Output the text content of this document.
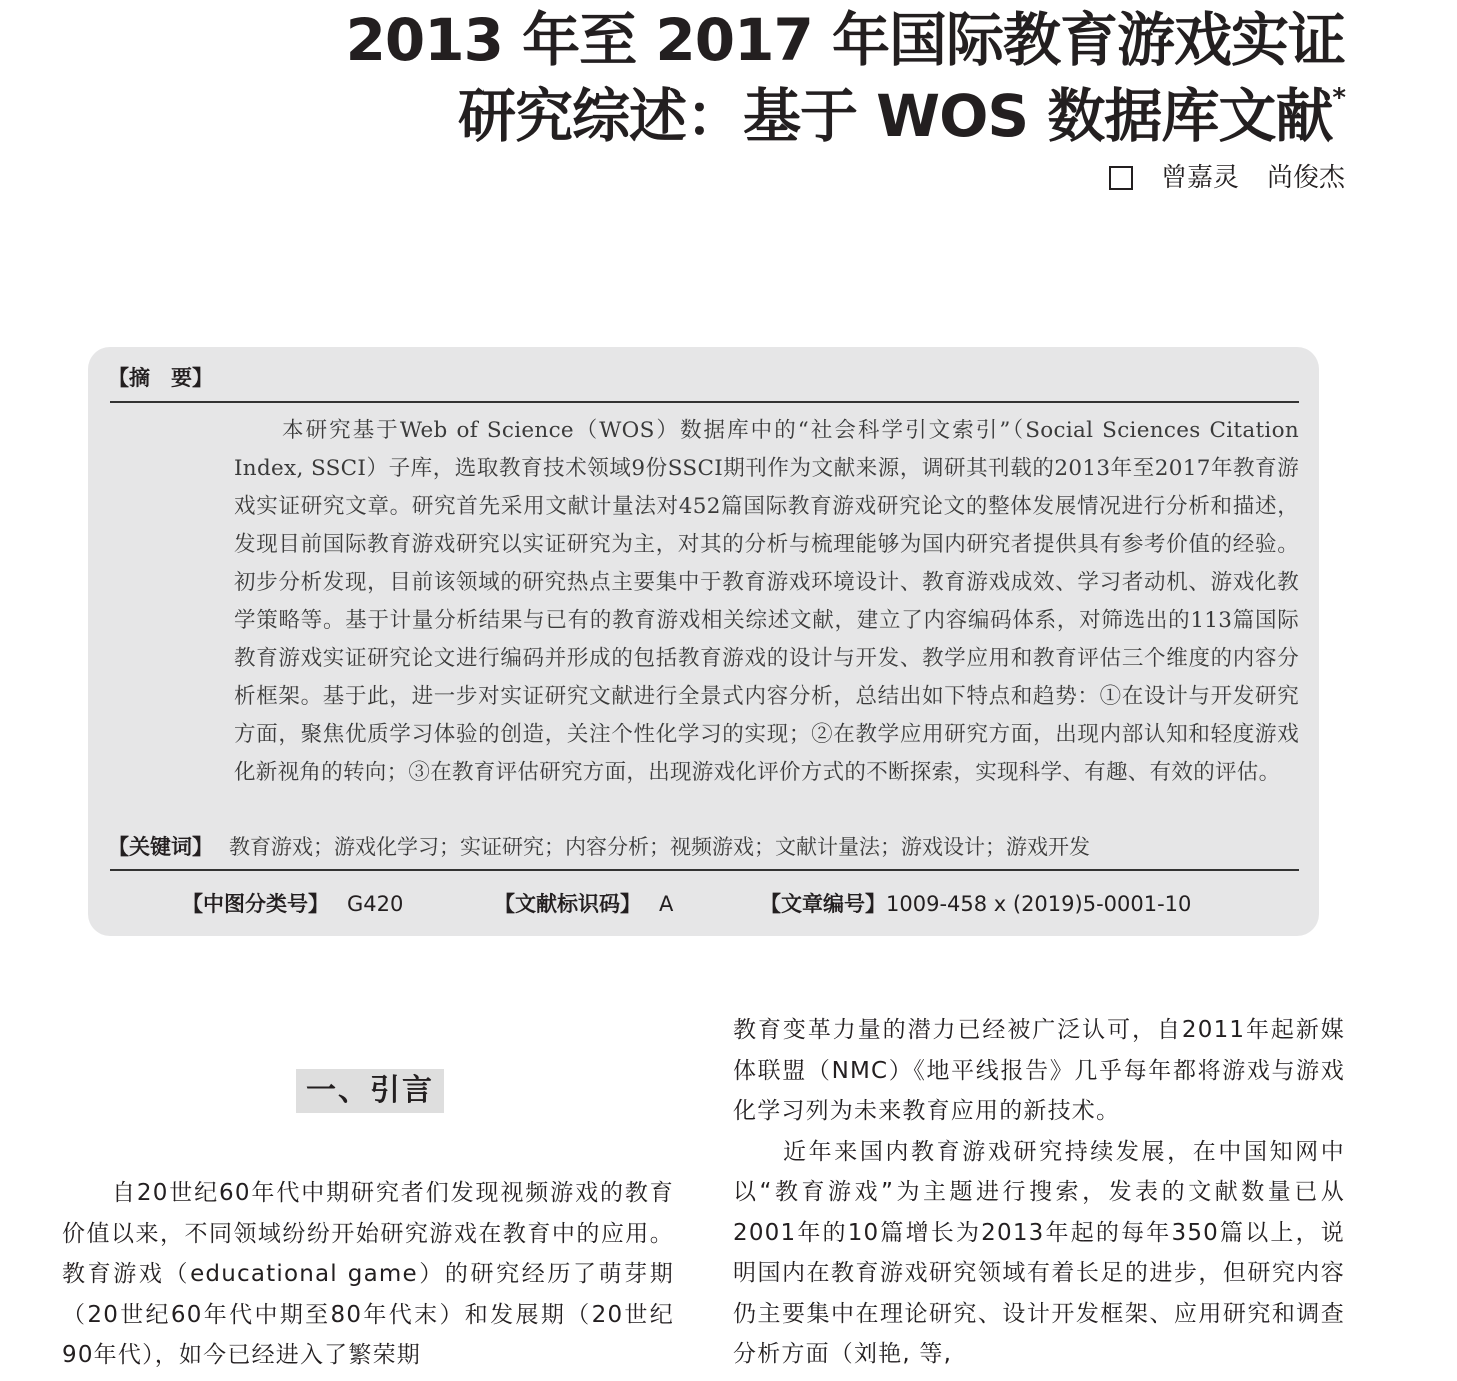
2013 年至 2017 年国际教育游戏实证
研究综述：基于 WOS 数据库文献*
曾嘉灵 尚俊杰
【摘　要】
本研究基于Web of Science（WOS）数据库中的“社会科学引文索引”（Social Sciences Citation Index, SSCI）子库，选取教育技术领域9份SSCI期刊作为文献来源，调研其刊载的2013年至2017年教育游戏实证研究文章。研究首先采用文献计量法对452篇国际教育游戏研究论文的整体发展情况进行分析和描述，发现目前国际教育游戏研究以实证研究为主，对其的分析与梳理能够为国内研究者提供具有参考价值的经验。初步分析发现，目前该领域的研究热点主要集中于教育游戏环境设计、教育游戏成效、学习者动机、游戏化教学策略等。基于计量分析结果与已有的教育游戏相关综述文献，建立了内容编码体系，对筛选出的113篇国际教育游戏实证研究论文进行编码并形成的包括教育游戏的设计与开发、教学应用和教育评估三个维度的内容分析框架。基于此，进一步对实证研究文献进行全景式内容分析，总结出如下特点和趋势：①在设计与开发研究方面，聚焦优质学习体验的创造，关注个性化学习的实现；②在教学应用研究方面，出现内部认知和轻度游戏化新视角的转向；③在教育评估研究方面，出现游戏化评价方式的不断探索，实现科学、有趣、有效的评估。
【关键词】 教育游戏；游戏化学习；实证研究；内容分析；视频游戏；文献计量法；游戏设计；游戏开发
【中图分类号】 G420	【文献标识码】 A	【文章编号】 1009-458 x (2019)5-0001-10
一、引言

自20世纪60年代中期研究者们发现视频游戏的教育价值以来，不同领域纷纷开始研究游戏在教育中的应用。教育游戏（educational game）的研究经历了萌芽期（20世纪60年代中期至80年代末）和发展期（20世纪90年代），如今已经进入了繁荣期

教育变革力量的潜力已经被广泛认可，自2011年起新媒体联盟（NMC）《地平线报告》几乎每年都将游戏与游戏化学习列为未来教育应用的新技术。

近年来国内教育游戏研究持续发展，在中国知网中以“教育游戏”为主题进行搜索，发表的文献数量已从2001年的10篇增长为2013年起的每年350篇以上，说明国内在教育游戏研究领域有着长足的进步，但研究内容仍主要集中在理论研究、设计开发框架、应用研究和调查分析方面（刘艳, 等,
